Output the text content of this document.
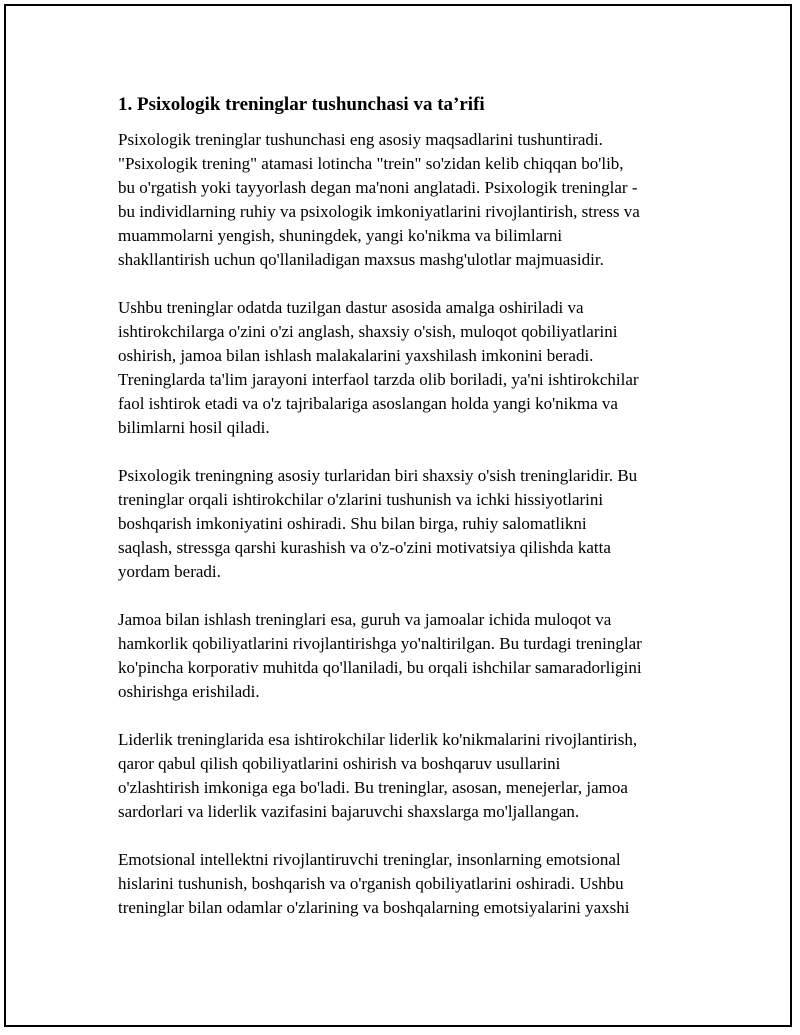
1. Psixologik treninglar tushunchasi va ta’rifi

Psixologik treninglar tushunchasi eng asosiy maqsadlarini tushuntiradi.
"Psixologik trening" atamasi lotincha "trein" so'zidan kelib chiqqan bo'lib,
bu o'rgatish yoki tayyorlash degan ma'noni anglatadi. Psixologik treninglar -
bu individlarning ruhiy va psixologik imkoniyatlarini rivojlantirish, stress va
muammolarni yengish, shuningdek, yangi ko'nikma va bilimlarni
shakllantirish uchun qo'llaniladigan maxsus mashg'ulotlar majmuasidir.

Ushbu treninglar odatda tuzilgan dastur asosida amalga oshiriladi va
ishtirokchilarga o'zini o'zi anglash, shaxsiy o'sish, muloqot qobiliyatlarini
oshirish, jamoa bilan ishlash malakalarini yaxshilash imkonini beradi.
Treninglarda ta'lim jarayoni interfaol tarzda olib boriladi, ya'ni ishtirokchilar
faol ishtirok etadi va o'z tajribalariga asoslangan holda yangi ko'nikma va
bilimlarni hosil qiladi.

Psixologik treningning asosiy turlaridan biri shaxsiy o'sish treninglaridir. Bu
treninglar orqali ishtirokchilar o'zlarini tushunish va ichki hissiyotlarini
boshqarish imkoniyatini oshiradi. Shu bilan birga, ruhiy salomatlikni
saqlash, stressga qarshi kurashish va o'z-o'zini motivatsiya qilishda katta
yordam beradi.

Jamoa bilan ishlash treninglari esa, guruh va jamoalar ichida muloqot va
hamkorlik qobiliyatlarini rivojlantirishga yo'naltirilgan. Bu turdagi treninglar
ko'pincha korporativ muhitda qo'llaniladi, bu orqali ishchilar samaradorligini
oshirishga erishiladi.

Liderlik treninglarida esa ishtirokchilar liderlik ko'nikmalarini rivojlantirish,
qaror qabul qilish qobiliyatlarini oshirish va boshqaruv usullarini
o'zlashtirish imkoniga ega bo'ladi. Bu treninglar, asosan, menejerlar, jamoa
sardorlari va liderlik vazifasini bajaruvchi shaxslarga mo'ljallangan.

Emotsional intellektni rivojlantiruvchi treninglar, insonlarning emotsional
hislarini tushunish, boshqarish va o'rganish qobiliyatlarini oshiradi. Ushbu
treninglar bilan odamlar o'zlarining va boshqalarning emotsiyalarini yaxshi
